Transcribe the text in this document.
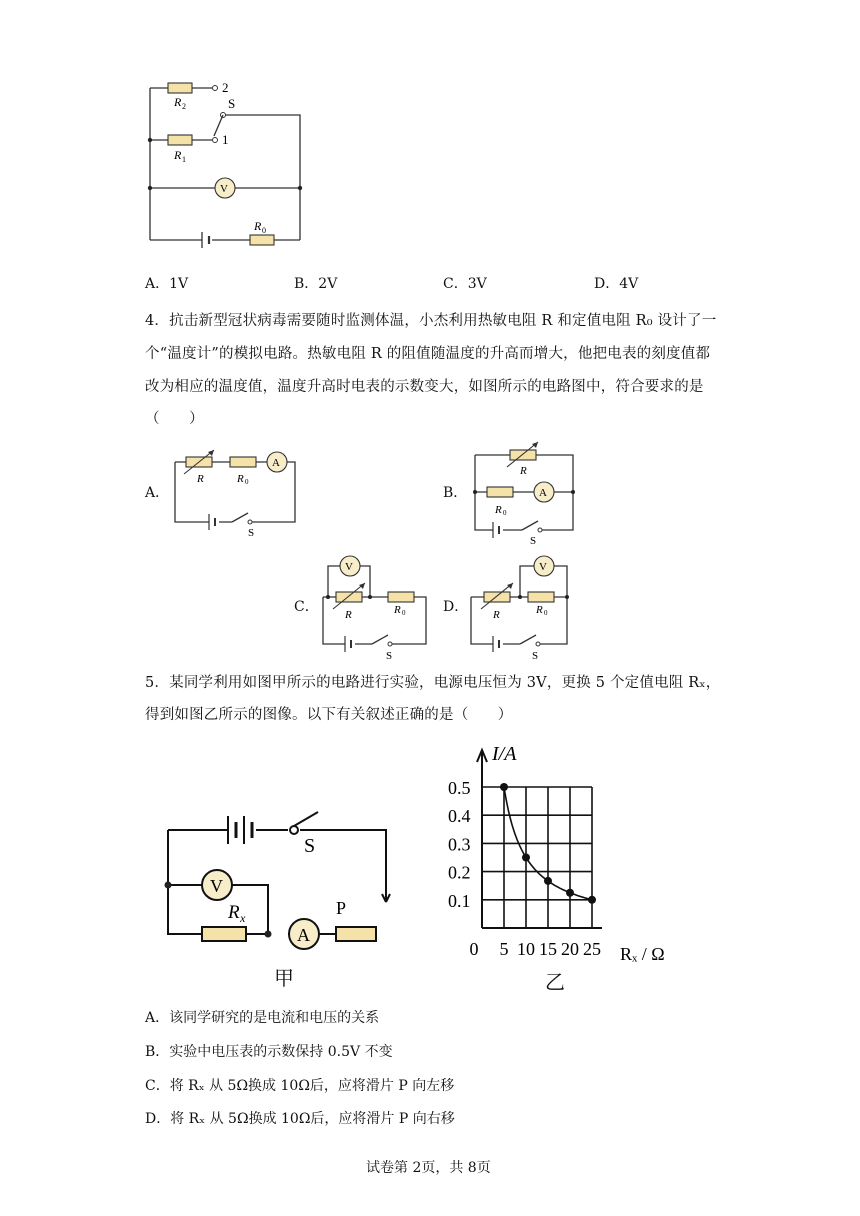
2
R 2
1
R 1
S
V
R 0
A．1V	B．2V	C．3V	D．4V
4．抗击新型冠状病毒需要随时监测体温，小杰利用热敏电阻 R 和定值电阻 R₀ 设计了一
个“温度计”的模拟电路。热敏电阻 R 的阻值随温度的升高而增大，他把电表的刻度值都
改为相应的温度值，温度升高时电表的示数变大，如图所示的电路图中，符合要求的是
（　　）
A．
A
R	R 0
S
B．
R
A
R 0
S
C．
V
R	R 0
S
D．
V
R	R 0
S
5．某同学利用如图甲所示的电路进行实验，电源电压恒为 3V，更换 5 个定值电阻 Rₓ，
得到如图乙所示的图像。以下有关叙述正确的是（　　）
S
V
R x
A
P
甲
I/A
Rₓ / Ω
0.1
0.2
0.3
0.4
0.5
0 5 10 15 20 25
乙
A．该同学研究的是电流和电压的关系
B．实验中电压表的示数保持 0.5V 不变
C．将 Rₓ 从 5Ω换成 10Ω后，应将滑片 P 向左移
D．将 Rₓ 从 5Ω换成 10Ω后，应将滑片 P 向右移
试卷第 2页，共 8页
